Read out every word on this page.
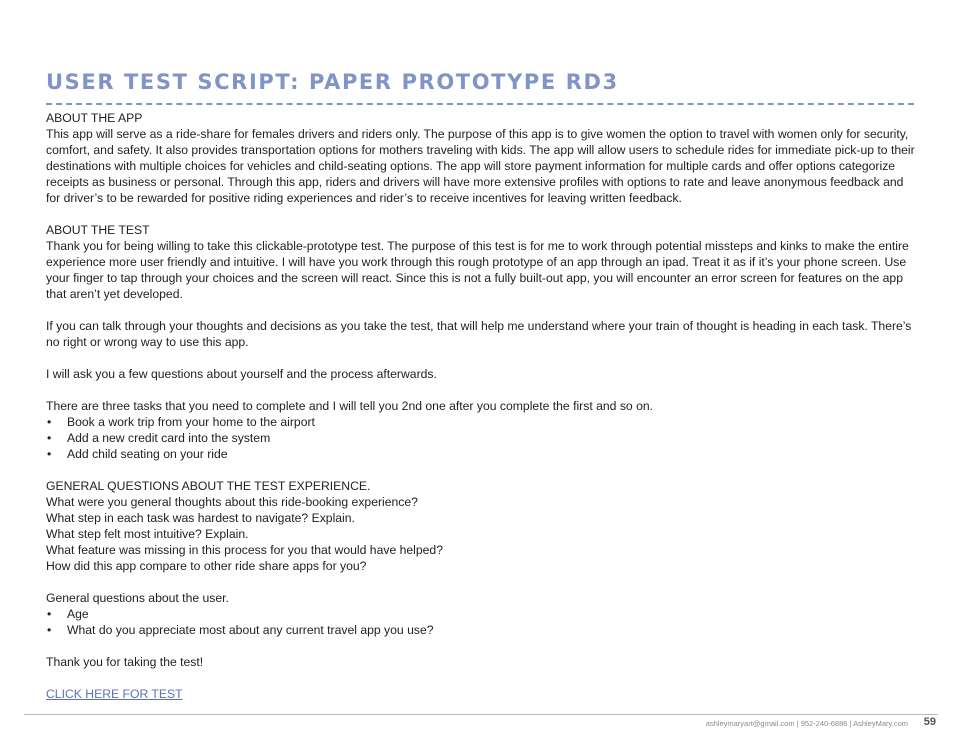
USER TEST SCRIPT: PAPER PROTOTYPE RD3

ABOUT THE APP

This app will serve as a ride-share for females drivers and riders only. The purpose of this app is to give women the option to travel with women only for security, comfort, and safety. It also provides transportation options for mothers traveling with kids. The app will allow users to schedule rides for immediate pick-up to their destinations with multiple choices for vehicles and child-seating options. The app will store payment information for multiple cards and offer options categorize receipts as business or personal. Through this app, riders and drivers will have more extensive profiles with options to rate and leave anonymous feedback and for driver’s to be rewarded for positive riding experiences and rider’s to receive incentives for leaving written feedback.

ABOUT THE TEST

Thank you for being willing to take this clickable-prototype test. The purpose of this test is for me to work through potential missteps and kinks to make the entire experience more user friendly and intuitive. I will have you work through this rough prototype of an app through an ipad. Treat it as if it’s your phone screen. Use your finger to tap through your choices and the screen will react. Since this is not a fully built-out app, you will encounter an error screen for features on the app that aren’t yet developed.

If you can talk through your thoughts and decisions as you take the test, that will help me understand where your train of thought is heading in each task. There’s no right or wrong way to use this app.

I will ask you a few questions about yourself and the process afterwards.

There are three tasks that you need to complete and I will tell you 2nd one after you complete the first and so on.

• Book a work trip from your home to the airport
• Add a new credit card into the system
• Add child seating on your ride

GENERAL QUESTIONS ABOUT THE TEST EXPERIENCE.

What were you general thoughts about this ride-booking experience?

What step in each task was hardest to navigate? Explain.

What step felt most intuitive? Explain.

What feature was missing in this process for you that would have helped?

How did this app compare to other ride share apps for you?

General questions about the user.

• Age
• What do you appreciate most about any current travel app you use?

Thank you for taking the test!

CLICK HERE FOR TEST

ashleymaryart@gmail.com | 952-240-6886 | AshleyMary.com 59
